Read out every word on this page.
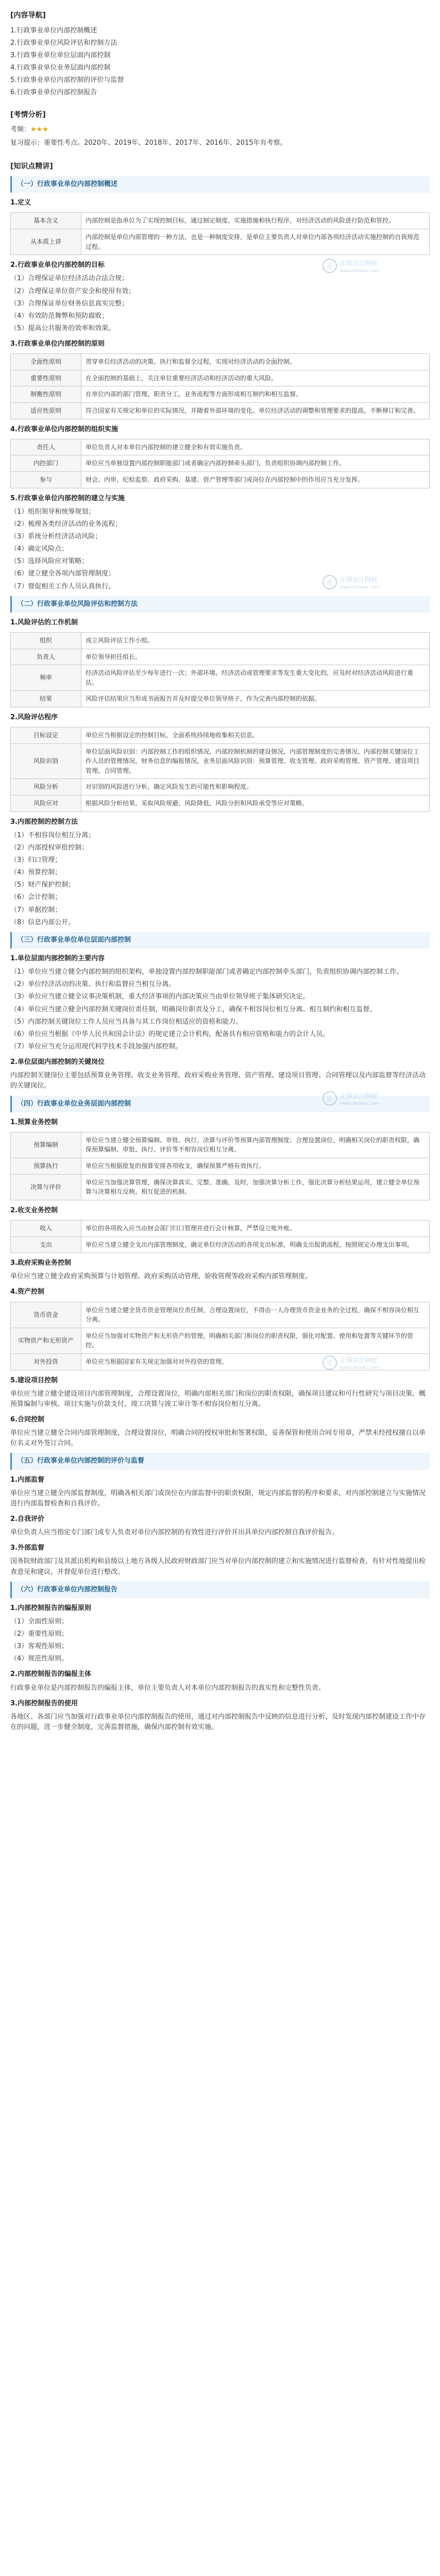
[内容导航]

1.行政事业单位内部控制概述

2.行政事业单位风险评估和控制方法

3.行政事业单位单位层面内部控制

4.行政事业单位业务层面内部控制

5.行政事业单位内部控制的评价与监督

6.行政事业单位内部控制报告

[考情分析]

考频：★★★

复习提示：重要性考点。2020年、2019年、2018年、2017年、2016年、2015年有考察。

[知识点精讲]
（一）行政事业单位内部控制概述

1.定义

基本含义	内部控制是指单位为了实现控制目标，通过制定制度、实施措施和执行程序，对经济活动的风险进行防范和管控。
从本质上讲	内部控制是单位内部管理的一种方法，也是一种制度安排，是单位主要负责人对单位内部各项经济活动实施控制的自我规范过程。
正 正保会计网校
www.chinaacc.com

2.行政事业单位内部控制的目标

（1）合理保证单位经济活动合法合规；

（2）合理保证单位资产安全和使用有效；

（3）合理保证单位财务信息真实完整；

（4）有效防范舞弊和预防腐败；

（5）提高公共服务的效率和效果。

3.行政事业单位内部控制的原则

全面性原则	贯穿单位经济活动的决策、执行和监督全过程，实现对经济活动的全面控制。
重要性原则	在全面控制的基础上，关注单位重要经济活动和经济活动的重大风险。
制衡性原则	在单位内部的部门管理、职责分工、业务流程等方面形成相互制约和相互监督。
适应性原则	符合国家有关规定和单位的实际情况，并随着外部环境的变化、单位经济活动的调整和管理要求的提高，不断修订和完善。

4.行政事业单位内部控制的组织实施

责任人	单位负责人对本单位内部控制的建立健全和有效实施负责。
内控部门	单位应当单独设置内部控制职能部门或者确定内部控制牵头部门，负责组织协调内部控制工作。
参与	财会、内审、纪检监察、政府采购、基建、资产管理等部门或岗位在内部控制中的作用应当充分发挥。

5.行政事业单位内部控制的建立与实施

（1）组织领导和统筹规划；

（2）梳理各类经济活动的业务流程；

（3）系统分析经济活动风险；

（4）确定风险点；

（5）选择风险应对策略；

（6）建立健全各项内部管理制度；

（7）督促相关工作人员认真执行。	正 正保会计网校
www.chinaacc.com
（二）行政事业单位风险评估和控制方法

1.风险评估的工作机制

组织	成立风险评估工作小组。
负责人	单位领导担任组长。
频率	经济活动风险评估至少每年进行一次；外部环境、经济活动或管理要求等发生重大变化的，应及时对经济活动风险进行重估。
结果	风险评估结果应当形成书面报告并及时提交单位领导班子，作为完善内部控制的依据。

2.风险评估程序

目标设定	单位应当根据设定的控制目标，全面系统持续地收集相关信息。
风险识别	单位层面风险识别：内部控制工作的组织情况、内部控制机制的建设情况、内部管理制度的完善情况、内部控制关键岗位工作人员的管理情况、财务信息的编报情况。业务层面风险识别：预算管理、收支管理、政府采购管理、资产管理、建设项目管理、合同管理。
风险分析	对识别的风险进行分析，确定风险发生的可能性和影响程度。
风险应对	根据风险分析结果，采取风险规避、风险降低、风险分担和风险承受等应对策略。

3.内部控制的控制方法

（1）不相容岗位相互分离；

（2）内部授权审批控制；

（3）归口管理；

（4）预算控制；

（5）财产保护控制；

（6）会计控制；

（7）单据控制；

（8）信息内部公开。

（三）行政事业单位单位层面内部控制

1.单位层面内部控制的主要内容

（1）单位应当建立健全内部控制的组织架构，单独设置内部控制职能部门或者确定内部控制牵头部门，负责组织协调内部控制工作。

（2）单位经济活动的决策、执行和监督应当相互分离。

（3）单位应当建立健全议事决策机制，重大经济事项的内部决策应当由单位领导班子集体研究决定。

（4）单位应当建立健全内部控制关键岗位责任制，明确岗位职责及分工，确保不相容岗位相互分离、相互制约和相互监督。

（5）内部控制关键岗位工作人员应当具备与其工作岗位相适应的资格和能力。

（6）单位应当根据《中华人民共和国会计法》的规定建立会计机构，配备具有相应资格和能力的会计人员。

（7）单位应当充分运用现代科学技术手段加强内部控制。

2.单位层面内部控制的关键岗位

内部控制关键岗位主要包括预算业务管理、收支业务管理、政府采购业务管理、资产管理、建设项目管理、合同管理以及内部监督等经济活动的关键岗位。

正 正保会计网校
www.chinaacc.com
（四）行政事业单位业务层面内部控制

1.预算业务控制

预算编制	单位应当建立健全预算编制、审批、执行、决算与评价等预算内部管理制度；合理设置岗位，明确相关岗位的职责权限，确保预算编制、审批、执行、评价等不相容岗位相互分离。
预算执行	单位应当根据批复的预算安排各项收支，确保预算严格有效执行。
决算与评价	单位应当加强决算管理，确保决算真实、完整、准确、及时，加强决算分析工作，强化决算分析结果运用，建立健全单位预算与决算相互反映、相互促进的机制。

2.收支业务控制

收入	单位的各项收入应当由财会部门归口管理并进行会计核算，严禁设立账外账。
支出	单位应当建立健全支出内部管理制度，确定单位经济活动的各项支出标准，明确支出报销流程，按照规定办理支出事项。

3.政府采购业务控制

单位应当建立健全政府采购预算与计划管理、政府采购活动管理、验收管理等政府采购内部管理制度。

4.资产控制

货币资金	单位应当建立健全货币资金管理岗位责任制，合理设置岗位，不得由一人办理货币资金业务的全过程，确保不相容岗位相互分离。
实物资产和无形资产	单位应当加强对实物资产和无形资产的管理，明确相关部门和岗位的职责权限，强化对配置、使用和处置等关键环节的管控。
对外投资	单位应当根据国家有关规定加强对对外投资的管理。	正 正保会计网校
www.chinaacc.com

5.建设项目控制

单位应当建立健全建设项目内部管理制度，合理设置岗位，明确内部相关部门和岗位的职责权限，确保项目建议和可行性研究与项目决策、概预算编制与审核、项目实施与价款支付、竣工决算与竣工审计等不相容岗位相互分离。

6.合同控制

单位应当建立健全合同内部管理制度，合理设置岗位，明确合同的授权审批和签署权限，妥善保管和使用合同专用章，严禁未经授权擅自以单位名义对外签订合同。

（五）行政事业单位内部控制的评价与监督

1.内部监督

单位应当建立健全内部监督制度，明确各相关部门或岗位在内部监督中的职责权限，规定内部监督的程序和要求，对内部控制建立与实施情况进行内部监督检查和自我评价。

2.自我评价

单位负责人应当指定专门部门或专人负责对单位内部控制的有效性进行评价并出具单位内部控制自我评价报告。

3.外部监督

国务院财政部门及其派出机构和县级以上地方各级人民政府财政部门应当对单位内部控制的建立和实施情况进行监督检查，有针对性地提出检查意见和建议，并督促单位进行整改。

（六）行政事业单位内部控制报告

1.内部控制报告的编报原则

（1）全面性原则；

（2）重要性原则；

（3）客观性原则；

（4）规范性原则。

2.内部控制报告的编报主体

行政事业单位是内部控制报告的编报主体，单位主要负责人对本单位内部控制报告的真实性和完整性负责。

3.内部控制报告的使用

各地区、各部门应当加强对行政事业单位内部控制报告的使用，通过对内部控制报告中反映的信息进行分析，及时发现内部控制建设工作中存在的问题，进一步健全制度，完善监督措施，确保内部控制有效实施。
